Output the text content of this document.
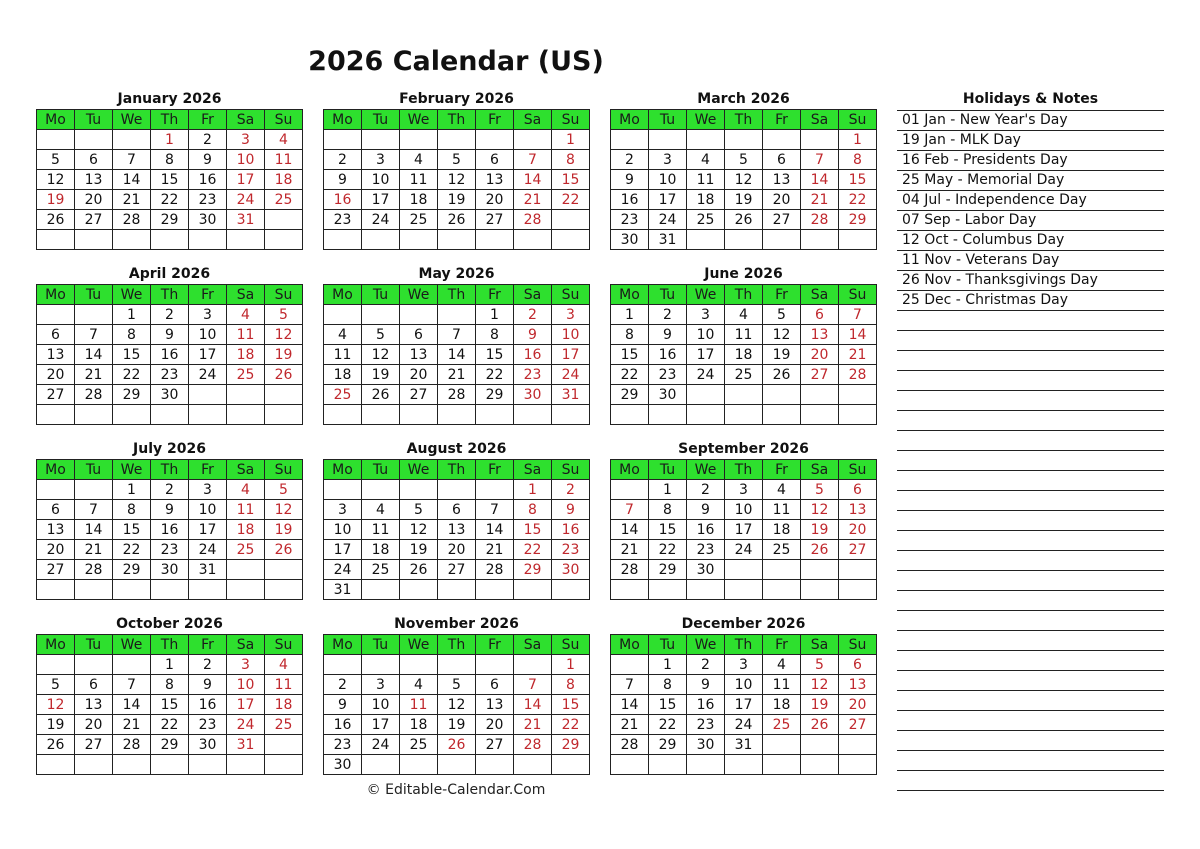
2026 Calendar (US)
January 2026
Mo	Tu	We	Th	Fr	Sa	Su
			1	2	3	4
5	6	7	8	9	10	11
12	13	14	15	16	17	18
19	20	21	22	23	24	25
26	27	28	29	30	31	

February 2026
Mo	Tu	We	Th	Fr	Sa	Su
						1
2	3	4	5	6	7	8
9	10	11	12	13	14	15
16	17	18	19	20	21	22
23	24	25	26	27	28	

March 2026
Mo	Tu	We	Th	Fr	Sa	Su
						1
2	3	4	5	6	7	8
9	10	11	12	13	14	15
16	17	18	19	20	21	22
23	24	25	26	27	28	29
30	31					
April 2026
Mo	Tu	We	Th	Fr	Sa	Su
		1	2	3	4	5
6	7	8	9	10	11	12
13	14	15	16	17	18	19
20	21	22	23	24	25	26
27	28	29	30			

May 2026
Mo	Tu	We	Th	Fr	Sa	Su
				1	2	3
4	5	6	7	8	9	10
11	12	13	14	15	16	17
18	19	20	21	22	23	24
25	26	27	28	29	30	31

June 2026
Mo	Tu	We	Th	Fr	Sa	Su
1	2	3	4	5	6	7
8	9	10	11	12	13	14
15	16	17	18	19	20	21
22	23	24	25	26	27	28
29	30					

July 2026
Mo	Tu	We	Th	Fr	Sa	Su
		1	2	3	4	5
6	7	8	9	10	11	12
13	14	15	16	17	18	19
20	21	22	23	24	25	26
27	28	29	30	31		

August 2026
Mo	Tu	We	Th	Fr	Sa	Su
					1	2
3	4	5	6	7	8	9
10	11	12	13	14	15	16
17	18	19	20	21	22	23
24	25	26	27	28	29	30
31						
September 2026
Mo	Tu	We	Th	Fr	Sa	Su
	1	2	3	4	5	6
7	8	9	10	11	12	13
14	15	16	17	18	19	20
21	22	23	24	25	26	27
28	29	30				

October 2026
Mo	Tu	We	Th	Fr	Sa	Su
			1	2	3	4
5	6	7	8	9	10	11
12	13	14	15	16	17	18
19	20	21	22	23	24	25
26	27	28	29	30	31	

November 2026
Mo	Tu	We	Th	Fr	Sa	Su
						1
2	3	4	5	6	7	8
9	10	11	12	13	14	15
16	17	18	19	20	21	22
23	24	25	26	27	28	29
30						
December 2026
Mo	Tu	We	Th	Fr	Sa	Su
	1	2	3	4	5	6
7	8	9	10	11	12	13
14	15	16	17	18	19	20
21	22	23	24	25	26	27
28	29	30	31			

Holidays & Notes
01 Jan - New Year's Day
19 Jan - MLK Day
16 Feb - Presidents Day
25 May - Memorial Day
04 Jul - Independence Day
07 Sep - Labor Day
12 Oct - Columbus Day
11 Nov - Veterans Day
26 Nov - Thanksgivings Day
25 Dec - Christmas Day
© Editable-Calendar.Com
